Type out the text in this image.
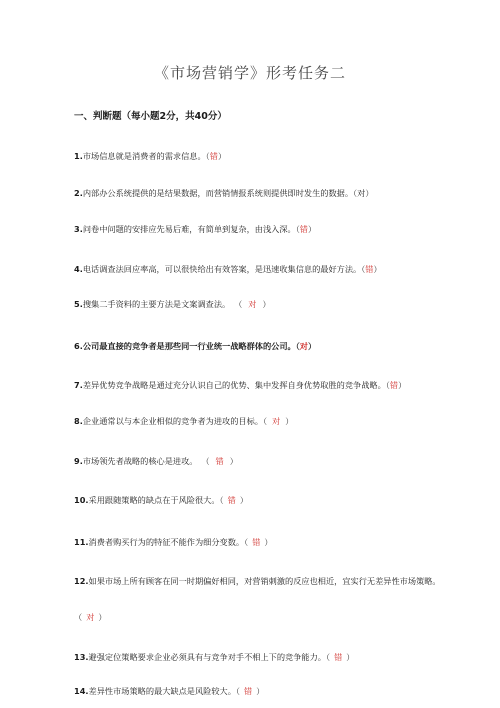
《市场营销学》形考任务二
一、判断题（每小题2分，共40分）
1.市场信息就是消费者的需求信息。（错）
2.内部办公系统提供的是结果数据，而营销情报系统则提供即时发生的数据。（对）
3.问卷中问题的安排应先易后难，有简单到复杂，由浅入深。（错）
4.电话调查法回应率高，可以很快给出有效答案，是迅速收集信息的最好方法。（错）
5.搜集二手资料的主要方法是文案调查法。 （ 对 ）
6.公司最直接的竞争者是那些同一行业统一战略群体的公司。（对）
7.差异优势竞争战略是通过充分认识自己的优势、集中发挥自身优势取胜的竞争战略。（错）
8.企业通常以与本企业相似的竞争者为进攻的目标。（ 对 ）
9.市场领先者战略的核心是进攻。 （ 错 ）
10.采用跟随策略的缺点在于风险很大。（ 错 ）
11.消费者购买行为的特征不能作为细分变数。（ 错 ）
12.如果市场上所有顾客在同一时期偏好相同，对营销刺激的反应也相近，宜实行无差异性市场策略。
（ 对 ）
13.避强定位策略要求企业必须具有与竞争对手不相上下的竞争能力。（ 错 ）
14.差异性市场策略的最大缺点是风险较大。（ 错 ）
